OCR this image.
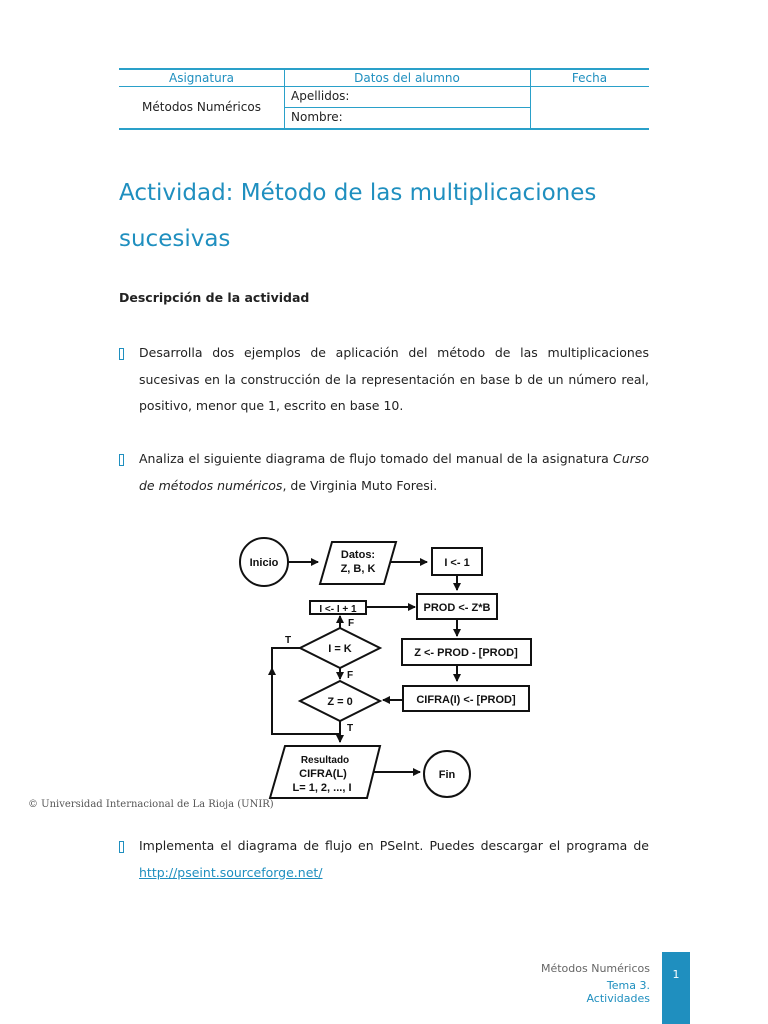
Asignatura	Datos del alumno	Fecha
Métodos Numéricos
Apellidos:
Nombre:
Actividad: Método de las multiplicaciones
sucesivas
Descripción de la actividad
Desarrolla dos ejemplos de aplicación del método de las multiplicaciones sucesivas en la construcción de la representación en base b de un número real, positivo, menor que 1, escrito en base 10.
Analiza el siguiente diagrama de flujo tomado del manual de la asignatura Curso de métodos numéricos, de Virginia Muto Foresi.
Inicio
Datos:
Z, B, K	I <- 1
PROD <- Z*B
I <- I + 1
F
T
I = K	Z <- PROD - [PROD]
F
Z = 0	CIFRA(I) <- [PROD]
T
Resultado
CIFRA(L)
L= 1, 2, ..., I
Fin
© Universidad Internacional de La Rioja (UNIR)
Implementa el diagrama de flujo en PSeInt. Puedes descargar el programa de http://pseint.sourceforge.net/
Métodos Numéricos
Tema 3. Actividades
1
